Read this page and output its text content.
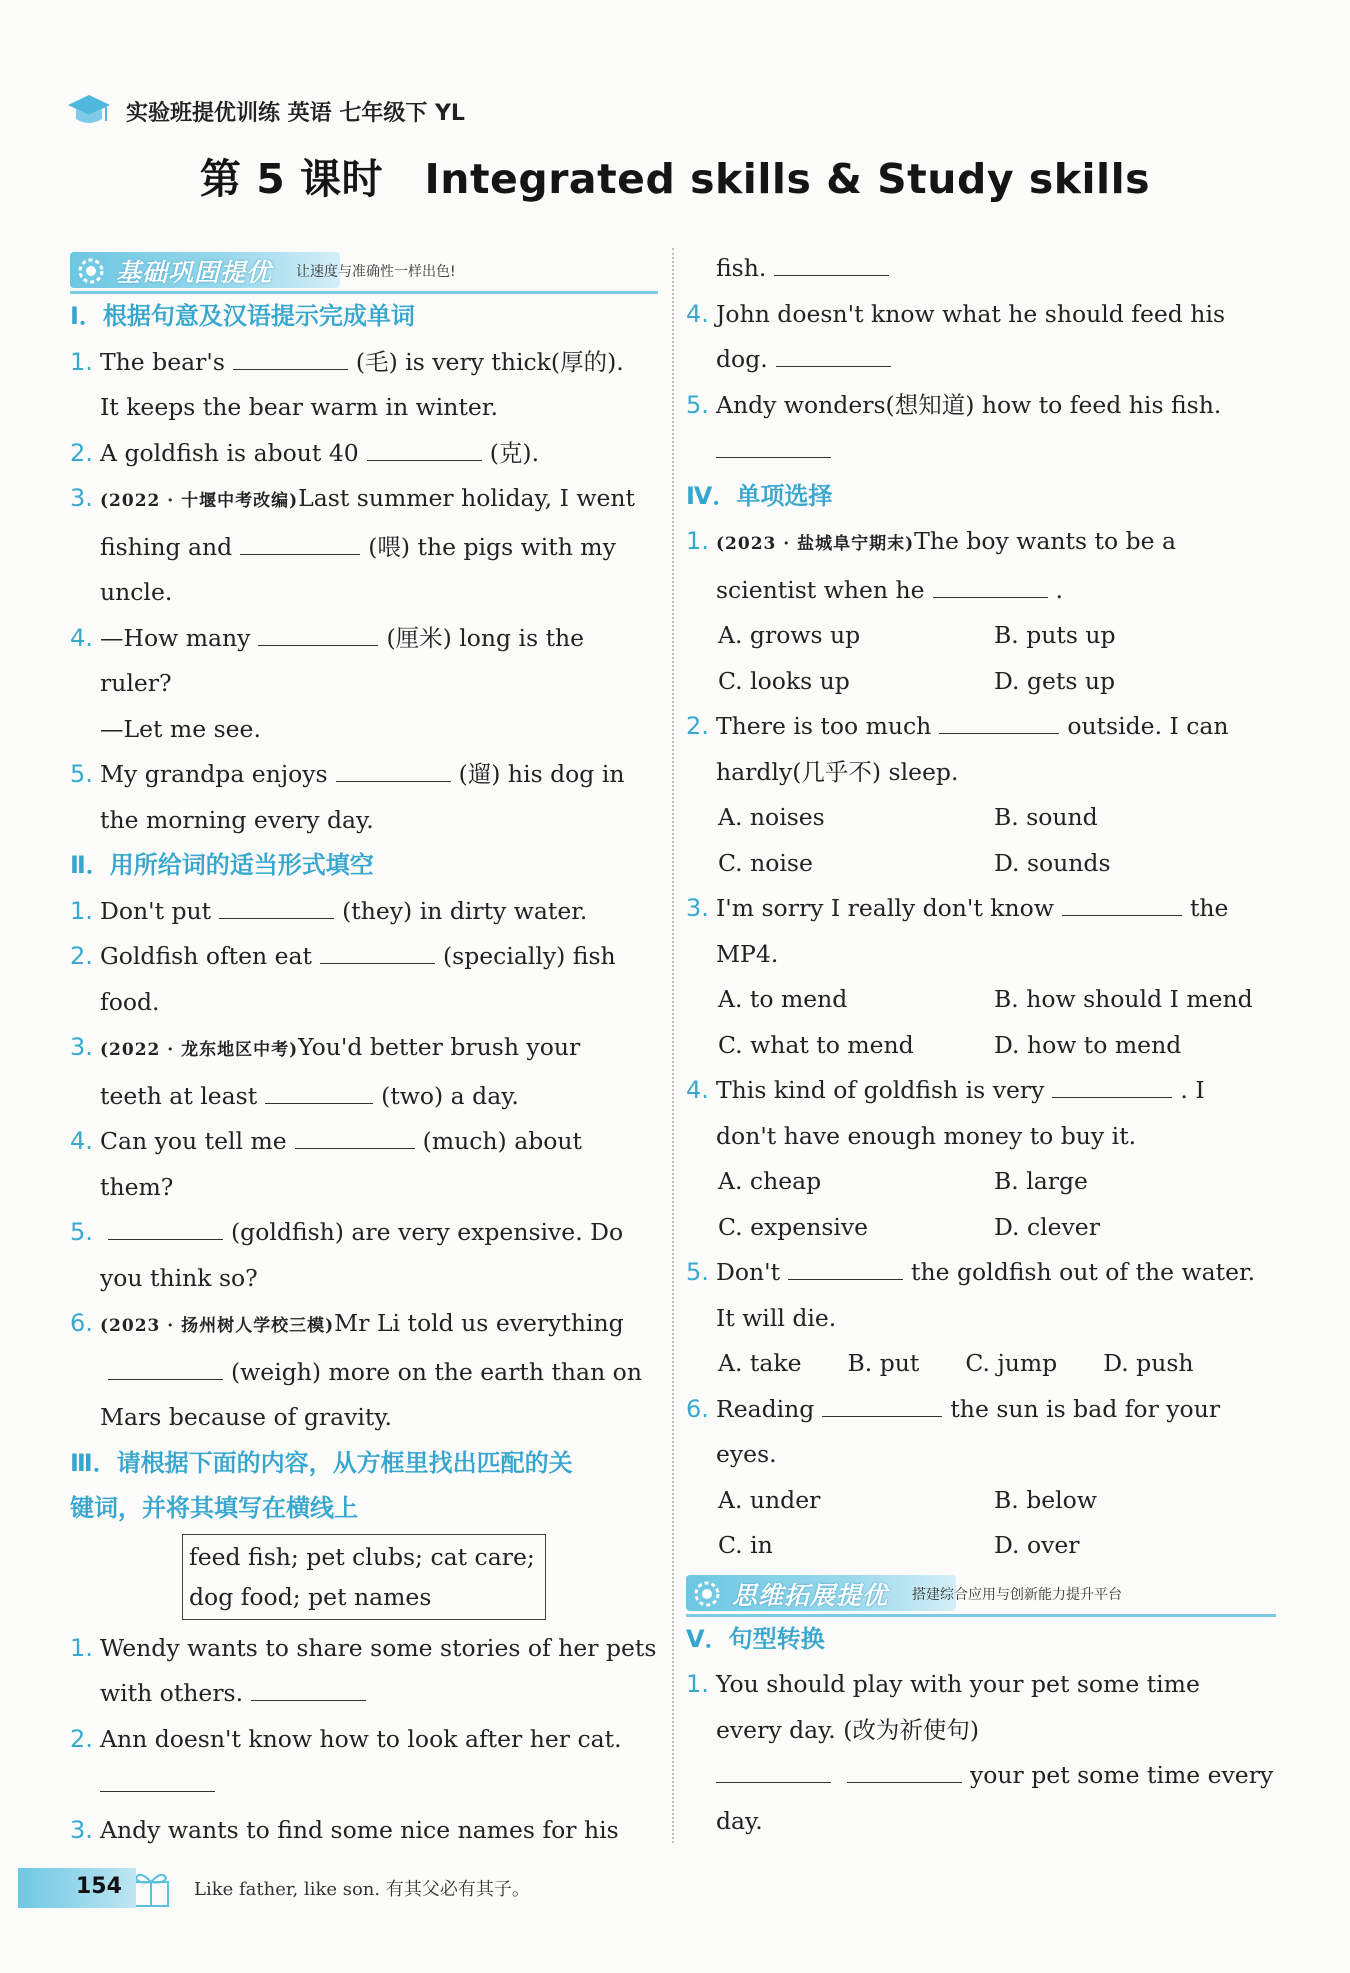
实验班提优训练 英语 七年级下 YL
第 5 课时　Integrated skills & Study skills
基础巩固提优 让速度与准确性一样出色!
Ⅰ．根据句意及汉语提示完成单词
1. The bear's	(毛) is very thick(厚的).
It keeps the bear warm in winter.
2. A goldfish is about 40	(克).
3. (2022 · 十堰中考改编)Last summer holiday, I went
fishing and	(喂) the pigs with my
uncle.
4. —How many	(厘米) long is the
ruler?
—Let me see.
5. My grandpa enjoys	(遛) his dog in
the morning every day.
Ⅱ．用所给词的适当形式填空
1. Don't put	(they) in dirty water.
2. Goldfish often eat	(specially) fish
food.
3. (2022 · 龙东地区中考)You'd better brush your
teeth at least	(two) a day.
4. Can you tell me	(much) about
them?
5.	(goldfish) are very expensive. Do
you think so?
6. (2023 · 扬州树人学校三模)Mr Li told us everything
(weigh) more on the earth than on
Mars because of gravity.
Ⅲ．请根据下面的内容，从方框里找出匹配的关
键词，并将其填写在横线上
feed fish; pet clubs; cat care;
dog food; pet names
1. Wendy wants to share some stories of her pets
with others.
2. Ann doesn't know how to look after her cat.
3. Andy wants to find some nice names for his
fish.
4. John doesn't know what he should feed his
dog.
5. Andy wonders(想知道) how to feed his fish.
Ⅳ．单项选择
1. (2023 · 盐城阜宁期末)The boy wants to be a
scientist when he	.
A. grows up	B. puts up
C. looks up	D. gets up
2. There is too much	outside. I can
hardly(几乎不) sleep.
A. noises	B. sound
C. noise	D. sounds
3. I'm sorry I really don't know	the
MP4.
A. to mend	B. how should I mend
C. what to mend	D. how to mend
4. This kind of goldfish is very	. I
don't have enough money to buy it.
A. cheap	B. large
C. expensive	D. clever
5. Don't	the goldfish out of the water.
It will die.
A. take B. put C. jump D. push
6. Reading	the sun is bad for your
eyes.
A. under	B. below
C. in	D. over
思维拓展提优 搭建综合应用与创新能力提升平台
Ⅴ．句型转换
1. You should play with your pet some time
every day. (改为祈使句)
your pet some time every
day.
154	Like father, like son. 有其父必有其子。
